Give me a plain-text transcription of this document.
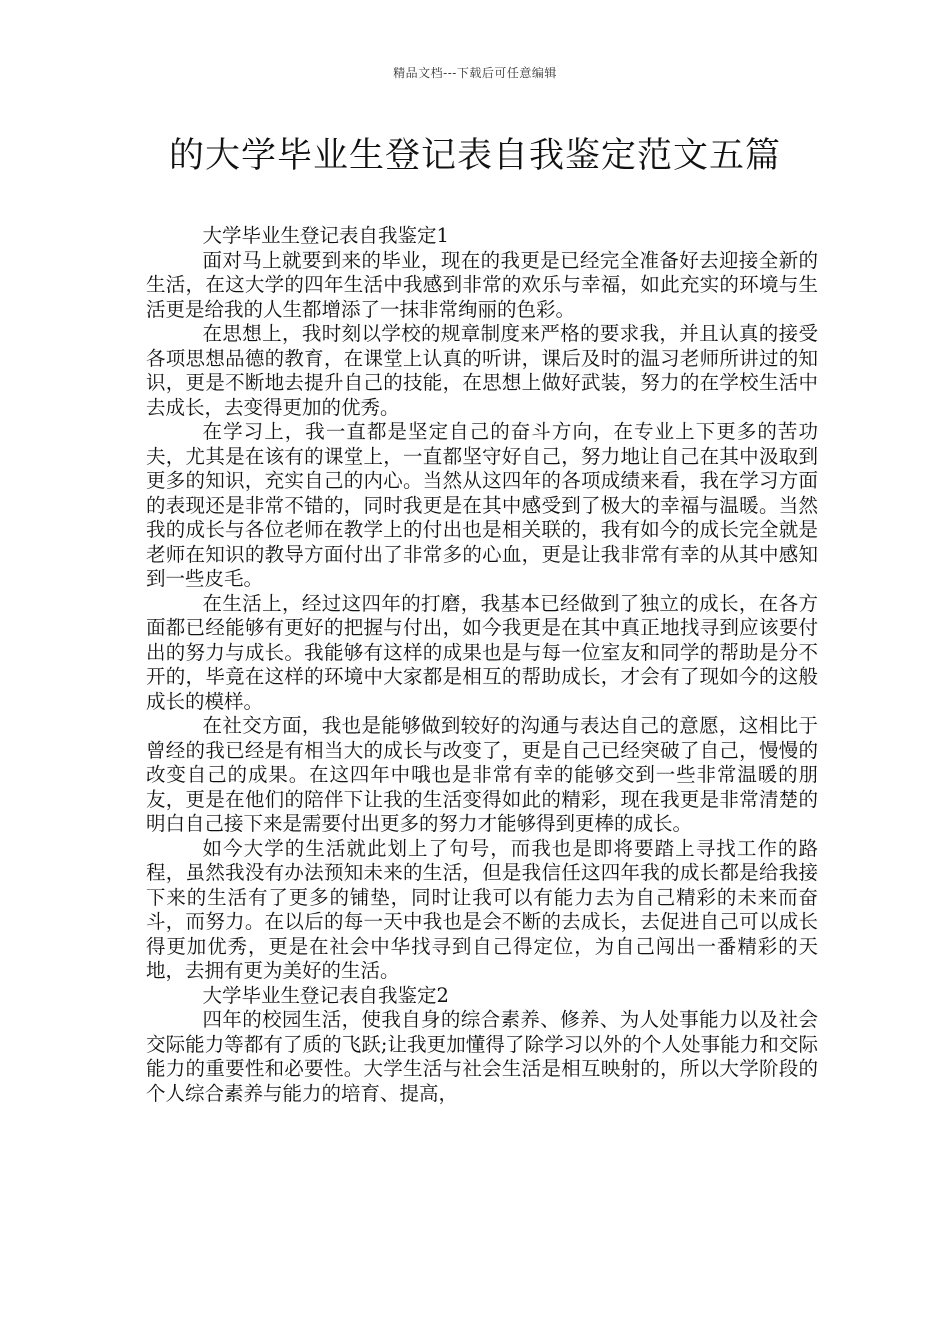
精品文档---下载后可任意编辑
的大学毕业生登记表自我鉴定范文五篇

大学毕业生登记表自我鉴定1

面对马上就要到来的毕业，现在的我更是已经完全准备好去迎接全新的生活，在这大学的四年生活中我感到非常的欢乐与幸福，如此充实的环境与生活更是给我的人生都增添了一抹非常绚丽的色彩。

在思想上，我时刻以学校的规章制度来严格的要求我，并且认真的接受各项思想品德的教育，在课堂上认真的听讲，课后及时的温习老师所讲过的知识，更是不断地去提升自己的技能，在思想上做好武装，努力的在学校生活中去成长，去变得更加的优秀。

在学习上，我一直都是坚定自己的奋斗方向，在专业上下更多的苦功夫，尤其是在该有的课堂上，一直都坚守好自己，努力地让自己在其中汲取到更多的知识，充实自己的内心。当然从这四年的各项成绩来看，我在学习方面的表现还是非常不错的，同时我更是在其中感受到了极大的幸福与温暖。当然我的成长与各位老师在教学上的付出也是相关联的，我有如今的成长完全就是老师在知识的教导方面付出了非常多的心血，更是让我非常有幸的从其中感知到一些皮毛。

在生活上，经过这四年的打磨，我基本已经做到了独立的成长，在各方面都已经能够有更好的把握与付出，如今我更是在其中真正地找寻到应该要付出的努力与成长。我能够有这样的成果也是与每一位室友和同学的帮助是分不开的，毕竟在这样的环境中大家都是相互的帮助成长，才会有了现如今的这般成长的模样。

在社交方面，我也是能够做到较好的沟通与表达自己的意愿，这相比于曾经的我已经是有相当大的成长与改变了，更是自己已经突破了自己，慢慢的改变自己的成果。在这四年中哦也是非常有幸的能够交到一些非常温暖的朋友，更是在他们的陪伴下让我的生活变得如此的精彩，现在我更是非常清楚的明白自己接下来是需要付出更多的努力才能够得到更棒的成长。

如今大学的生活就此划上了句号，而我也是即将要踏上寻找工作的路程，虽然我没有办法预知未来的生活，但是我信任这四年我的成长都是给我接下来的生活有了更多的铺垫，同时让我可以有能力去为自己精彩的未来而奋斗，而努力。在以后的每一天中我也是会不断的去成长，去促进自己可以成长得更加优秀，更是在社会中华找寻到自己得定位，为自己闯出一番精彩的天地，去拥有更为美好的生活。

大学毕业生登记表自我鉴定2

四年的校园生活，使我自身的综合素养、修养、为人处事能力以及社会交际能力等都有了质的飞跃;让我更加懂得了除学习以外的个人处事能力和交际能力的重要性和必要性。大学生活与社会生活是相互映射的，所以大学阶段的个人综合素养与能力的培育、提高，
